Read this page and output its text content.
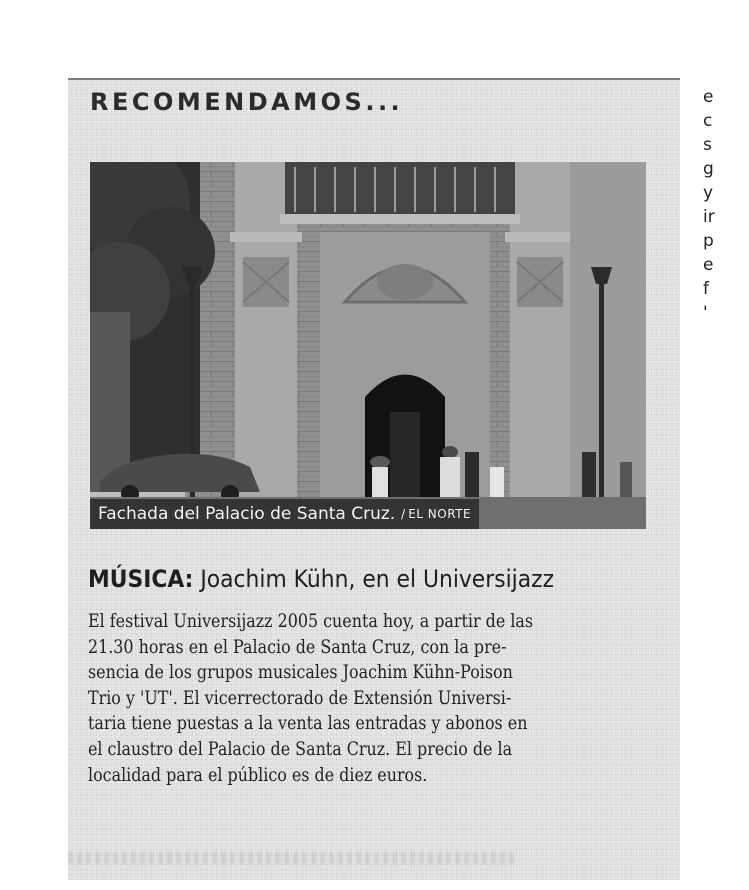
RECOMENDAMOS...
Fachada del Palacio de Santa Cruz. / EL NORTE
MÚSICA: Joachim Kühn, en el Universijazz
El festival Universijazz 2005 cuenta hoy, a partir de las
21.30 horas en el Palacio de Santa Cruz, con la pre-
sencia de los grupos musicales Joachim Kühn-Poison
Trio y 'UT'. El vicerrectorado de Extensión Universi-
taria tiene puestas a la venta las entradas y abonos en
el claustro del Palacio de Santa Cruz. El precio de la
localidad para el público es de diez euros.
e
c
s
g
y
ir
p
e
f
'
